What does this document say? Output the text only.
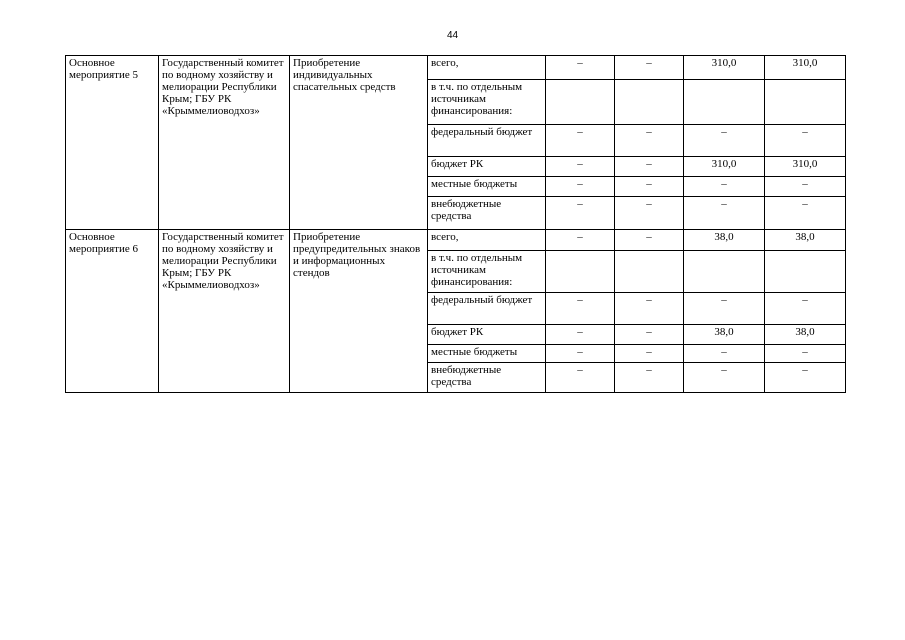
44
Основное мероприятие 5	Государственный комитет по водному хозяйству и мелиорации Республики Крым; ГБУ РК «Крыммелиоводхоз»	Приобретение индивидуальных спасательных средств	всего,	–	–	310,0	310,0
			в т.ч. по отдельным источникам финансирования:				
			федеральный бюджет	–	–	–	–
			бюджет РК	–	–	310,0	310,0
			местные бюджеты	–	–	–	–
			внебюджетные средства	–	–	–	–
Основное мероприятие 6	Государственный комитет по водному хозяйству и мелиорации Республики Крым; ГБУ РК «Крыммелиоводхоз»	Приобретение предупредительных знаков и информационных стендов	всего,	–	–	38,0	38,0
			в т.ч. по отдельным источникам финансирования:				
			федеральный бюджет	–	–	–	–
			бюджет РК	–	–	38,0	38,0
			местные бюджеты	–	–	–	–
			внебюджетные средства	–	–	–	–
